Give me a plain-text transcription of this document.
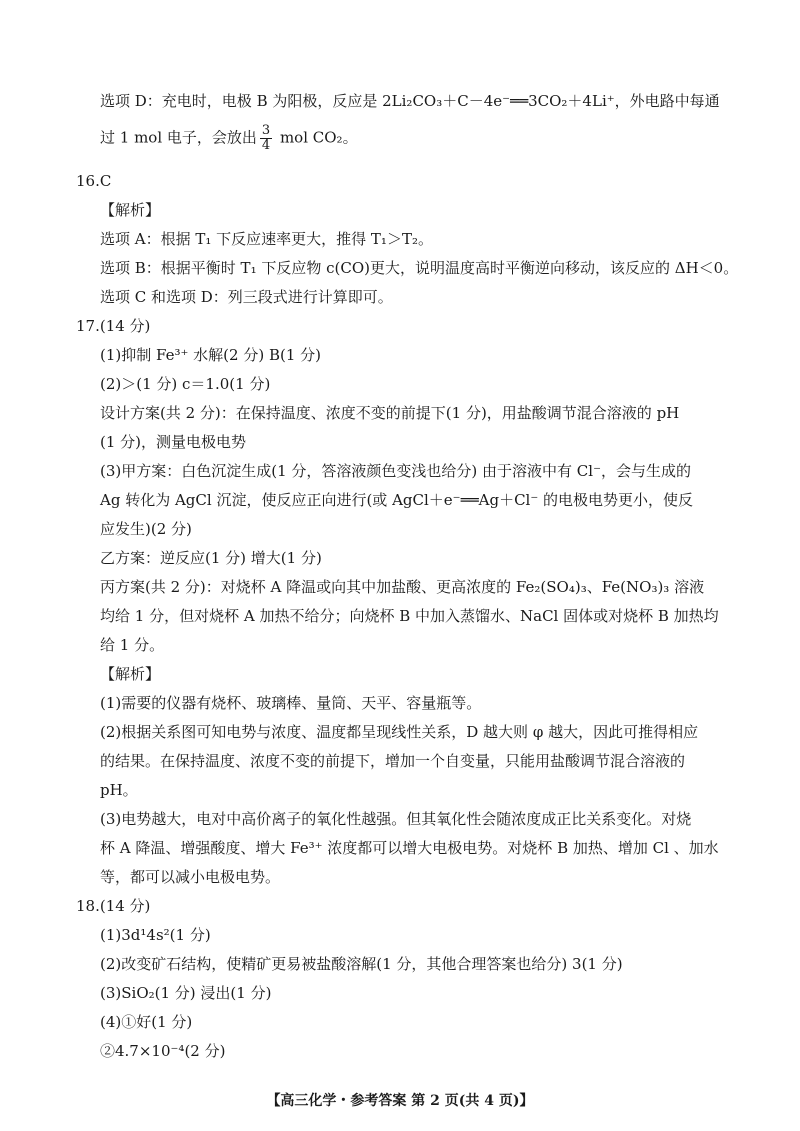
选项 D：充电时，电极 B 为阳极，反应是 2Li₂CO₃＋C－4e⁻══3CO₂＋4Li⁺，外电路中每通
过 1 mol 电子，会放出 $\frac{3}{4}$ mol CO₂。
16.C
【解析】
选项 A：根据 T₁ 下反应速率更大，推得 T₁＞T₂。
选项 B：根据平衡时 T₁ 下反应物 c(CO)更大，说明温度高时平衡逆向移动，该反应的 ΔH＜0。
选项 C 和选项 D：列三段式进行计算即可。
17.(14 分)
(1)抑制 Fe³⁺ 水解(2 分) B(1 分)
(2)＞(1 分) c＝1.0(1 分)
设计方案(共 2 分)：在保持温度、浓度不变的前提下(1 分)，用盐酸调节混合溶液的 pH
(1 分)，测量电极电势
(3)甲方案：白色沉淀生成(1 分，答溶液颜色变浅也给分) 由于溶液中有 Cl⁻，会与生成的
Ag 转化为 AgCl 沉淀，使反应正向进行(或 AgCl＋e⁻══Ag＋Cl⁻ 的电极电势更小，使反
应发生)(2 分)
乙方案：逆反应(1 分) 增大(1 分)
丙方案(共 2 分)：对烧杯 A 降温或向其中加盐酸、更高浓度的 Fe₂(SO₄)₃、Fe(NO₃)₃ 溶液
均给 1 分，但对烧杯 A 加热不给分；向烧杯 B 中加入蒸馏水、NaCl 固体或对烧杯 B 加热均
给 1 分。
【解析】
(1)需要的仪器有烧杯、玻璃棒、量筒、天平、容量瓶等。
(2)根据关系图可知电势与浓度、温度都呈现线性关系，D 越大则 φ 越大，因此可推得相应
的结果。在保持温度、浓度不变的前提下，增加一个自变量，只能用盐酸调节混合溶液的
pH。
(3)电势越大，电对中高价离子的氧化性越强。但其氧化性会随浓度成正比关系变化。对烧
杯 A 降温、增强酸度、增大 Fe³⁺ 浓度都可以增大电极电势。对烧杯 B 加热、增加 Cl 、加水
等，都可以减小电极电势。
18.(14 分)
(1)3d¹4s²(1 分)
(2)改变矿石结构，使精矿更易被盐酸溶解(1 分，其他合理答案也给分) 3(1 分)
(3)SiO₂(1 分) 浸出(1 分)
(4)①好(1 分)
②4.7×10⁻⁴(2 分)
【高三化学・参考答案 第 2 页(共 4 页)】
